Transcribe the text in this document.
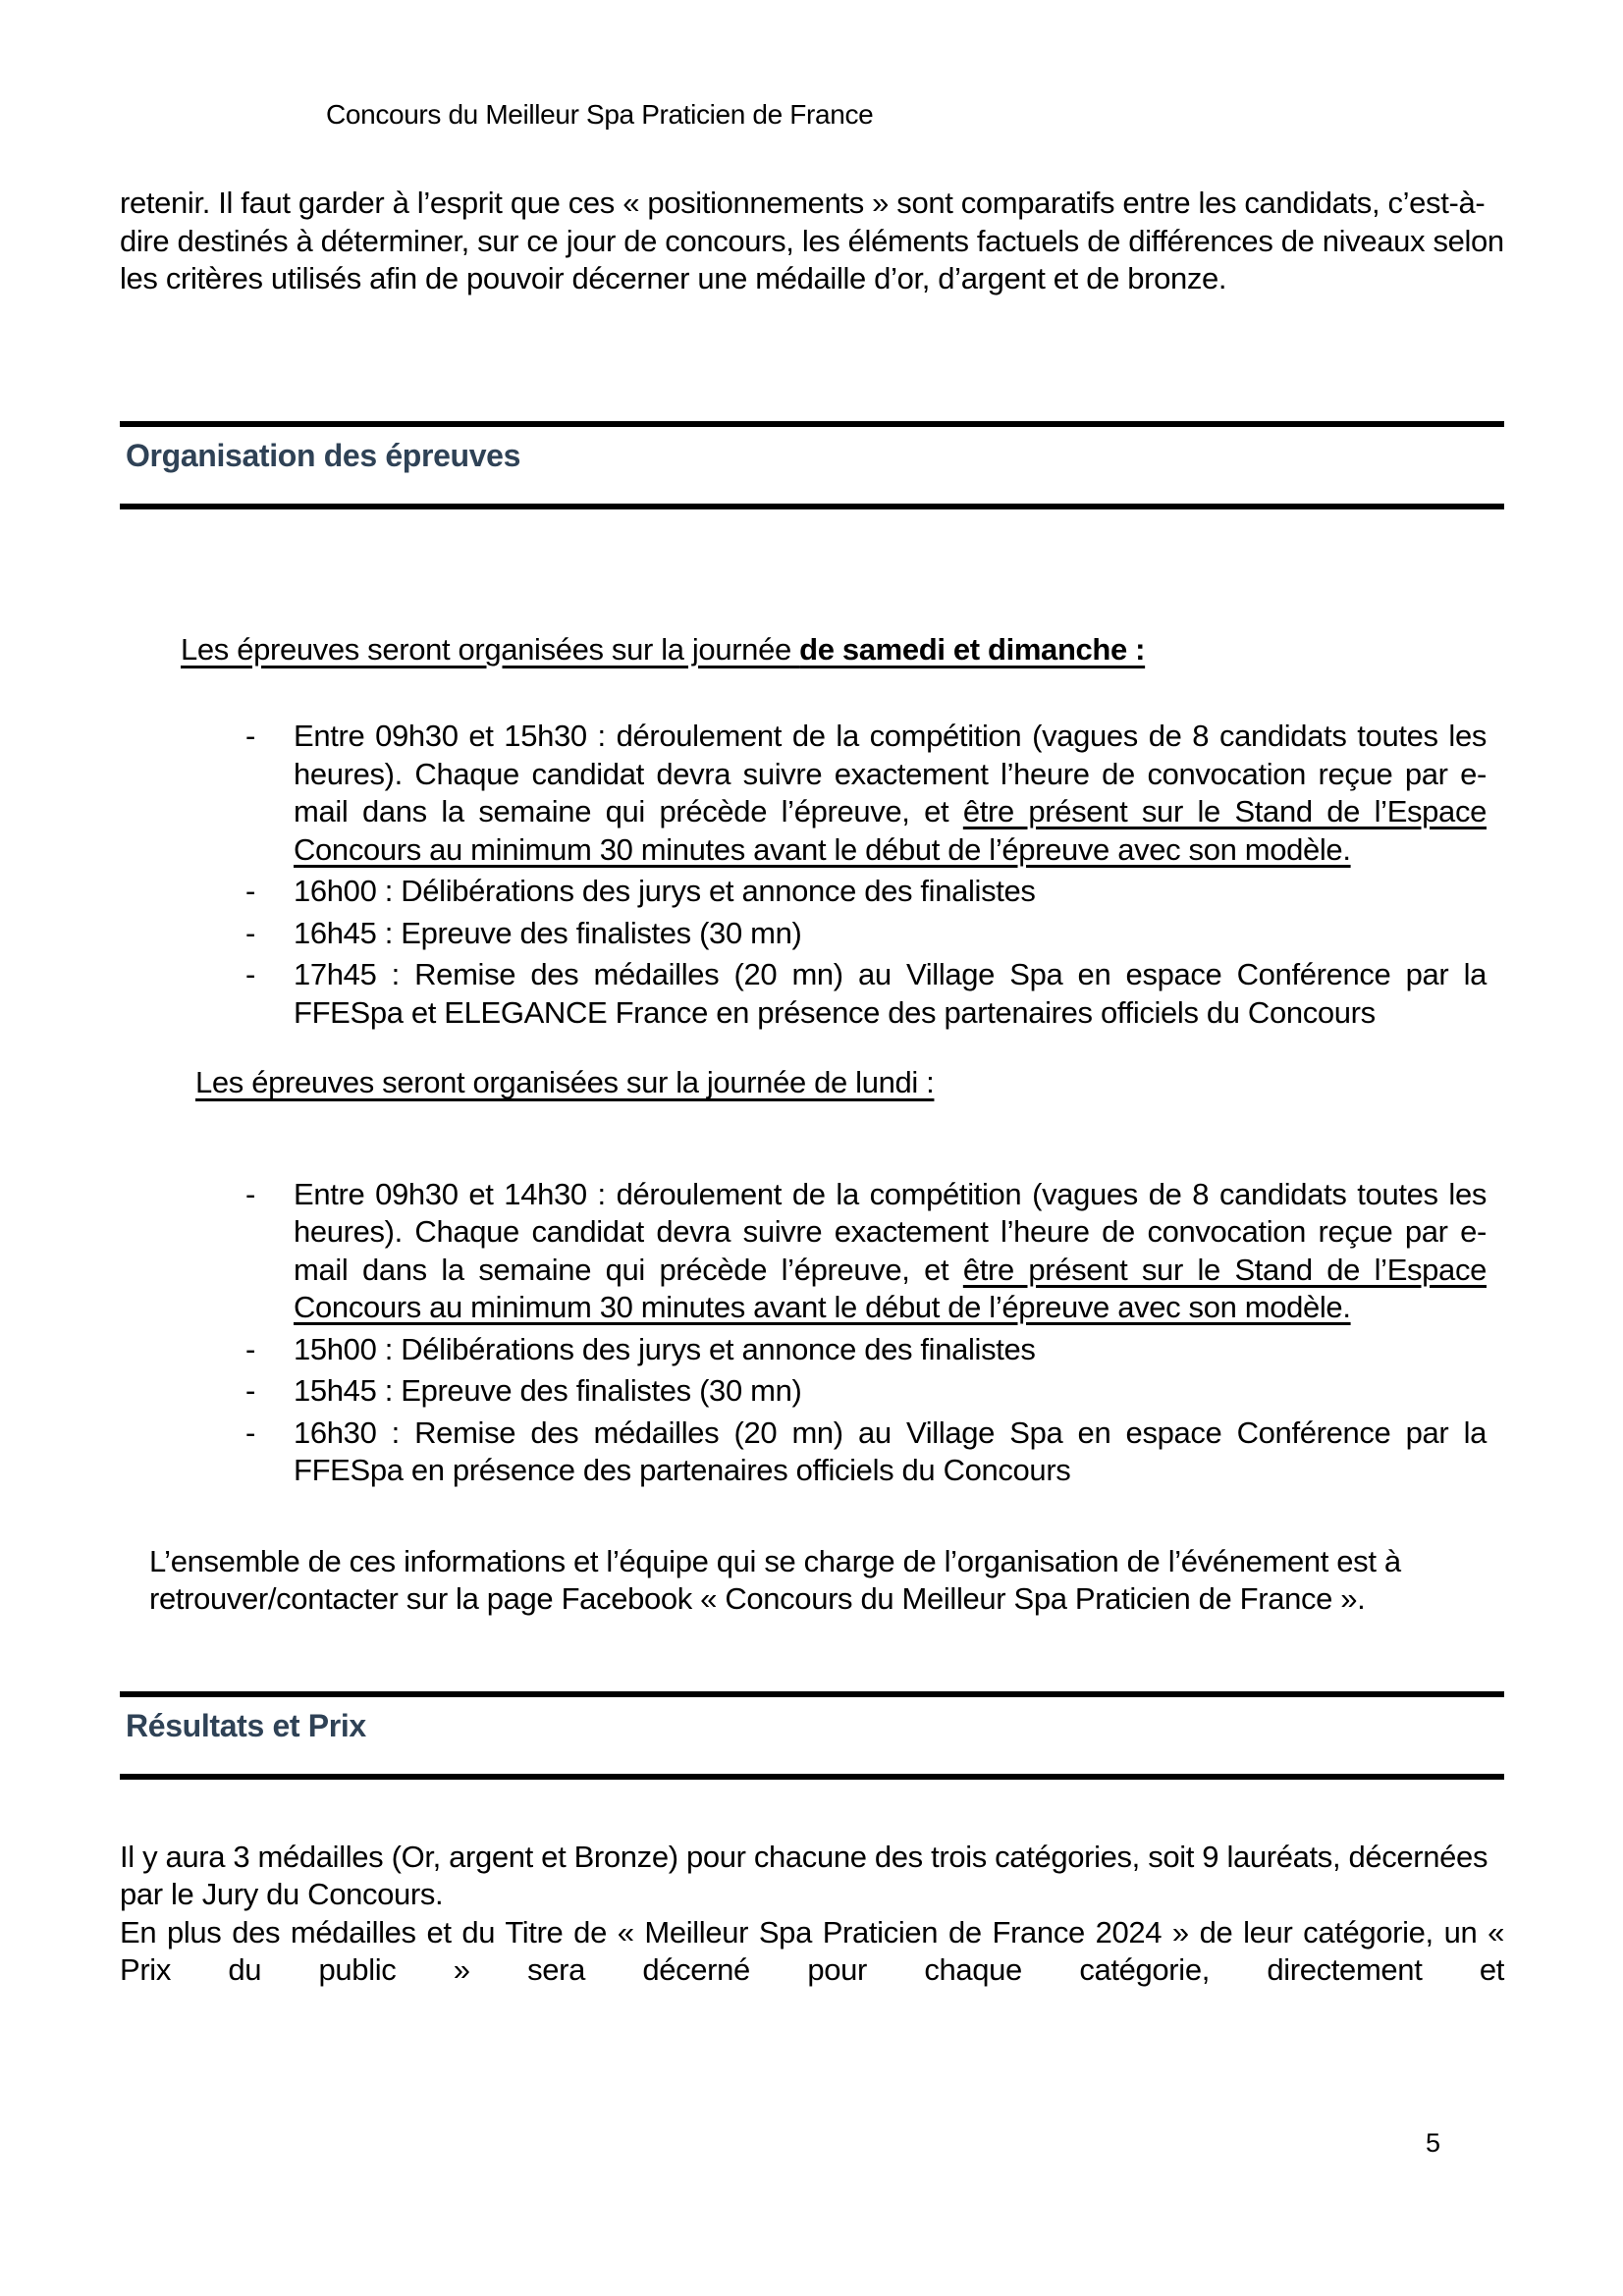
Concours du Meilleur Spa Praticien de France

retenir. Il faut garder à l’esprit que ces « positionnements » sont comparatifs entre les candidats, c’est-à-dire destinés à déterminer, sur ce jour de concours, les éléments factuels de différences de niveaux selon les critères utilisés afin de pouvoir décerner une médaille d’or, d’argent et de bronze.

Organisation des épreuves
Les épreuves seront organisées sur la journée de samedi et dimanche :
- Entre 09h30 et 15h30 : déroulement de la compétition (vagues de 8 candidats toutes les heures). Chaque candidat devra suivre exactement l’heure de convocation reçue par e-mail dans la semaine qui précède l’épreuve, et être présent sur le Stand de l’Espace Concours au minimum 30 minutes avant le début de l’épreuve avec son modèle.
- 16h00 : Délibérations des jurys et annonce des finalistes
- 16h45 : Epreuve des finalistes (30 mn)
- 17h45 : Remise des médailles (20 mn) au Village Spa en espace Conférence par la FFESpa et ELEGANCE France en présence des partenaires officiels du Concours
Les épreuves seront organisées sur la journée de lundi :
- Entre 09h30 et 14h30 : déroulement de la compétition (vagues de 8 candidats toutes les heures). Chaque candidat devra suivre exactement l’heure de convocation reçue par e-mail dans la semaine qui précède l’épreuve, et être présent sur le Stand de l’Espace Concours au minimum 30 minutes avant le début de l’épreuve avec son modèle.
- 15h00 : Délibérations des jurys et annonce des finalistes
- 15h45 : Epreuve des finalistes (30 mn)
- 16h30 : Remise des médailles (20 mn) au Village Spa en espace Conférence par la FFESpa en présence des partenaires officiels du Concours

L’ensemble de ces informations et l’équipe qui se charge de l’organisation de l’événement est à retrouver/contacter sur la page Facebook « Concours du Meilleur Spa Praticien de France ».

Résultats et Prix

Il y aura 3 médailles (Or, argent et Bronze) pour chacune des trois catégories, soit 9 lauréats, décernées par le Jury du Concours.

En plus des médailles et du Titre de « Meilleur Spa Praticien de France 2024 » de leur catégorie, un « Prix du public » sera décerné pour chaque catégorie, directement et

5
